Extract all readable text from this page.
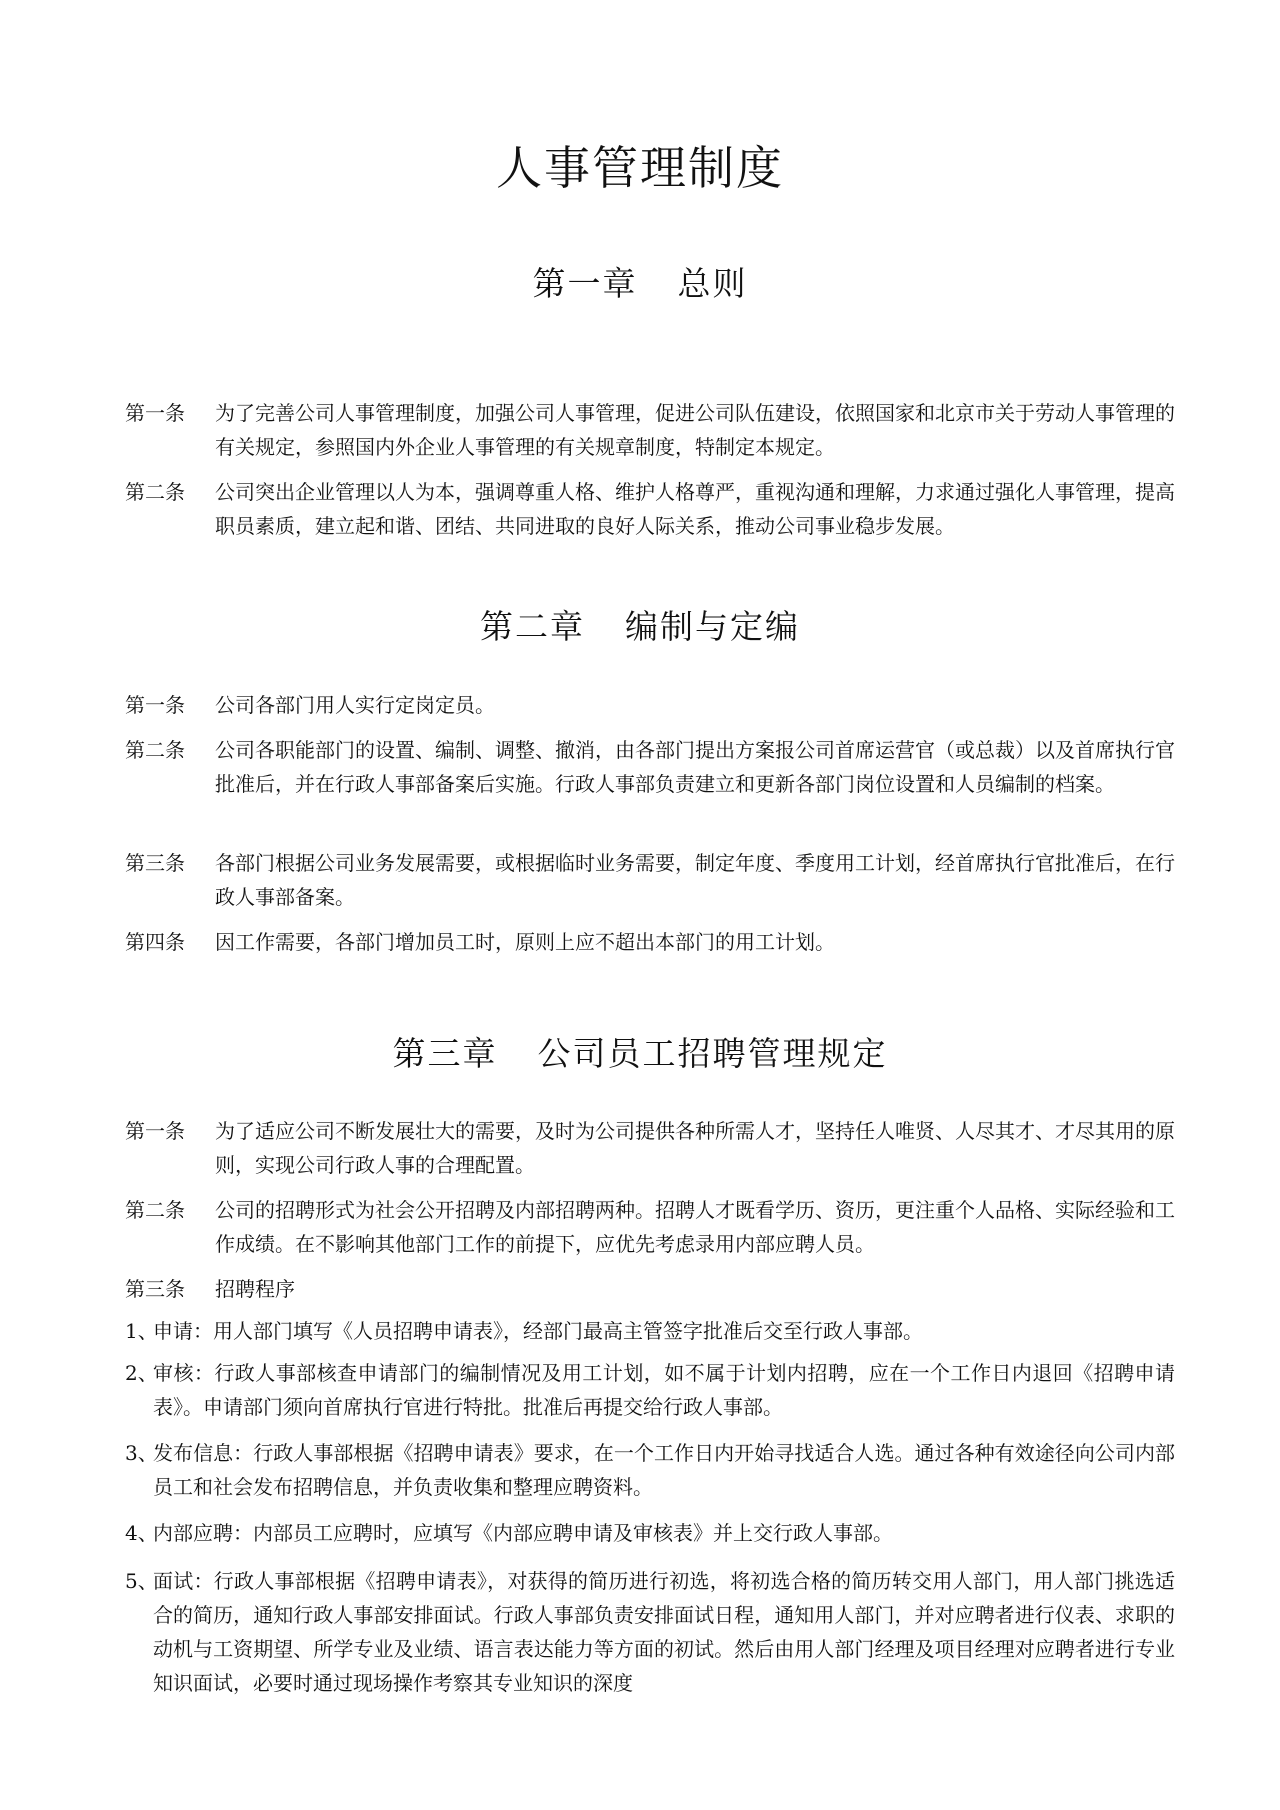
人事管理制度
第一章 总则
第一条	为了完善公司人事管理制度，加强公司人事管理，促进公司队伍建设，依照国家和北京市关于劳动人事管理的有关规定，参照国内外企业人事管理的有关规章制度，特制定本规定。
第二条	公司突出企业管理以人为本，强调尊重人格、维护人格尊严，重视沟通和理解，力求通过强化人事管理，提高职员素质，建立起和谐、团结、共同进取的良好人际关系，推动公司事业稳步发展。
第二章 编制与定编
第一条	公司各部门用人实行定岗定员。
第二条	公司各职能部门的设置、编制、调整、撤消，由各部门提出方案报公司首席运营官（或总裁）以及首席执行官批准后，并在行政人事部备案后实施。行政人事部负责建立和更新各部门岗位设置和人员编制的档案。
第三条	各部门根据公司业务发展需要，或根据临时业务需要，制定年度、季度用工计划，经首席执行官批准后，在行政人事部备案。
第四条	因工作需要，各部门增加员工时，原则上应不超出本部门的用工计划。
第三章 公司员工招聘管理规定
第一条	为了适应公司不断发展壮大的需要，及时为公司提供各种所需人才，坚持任人唯贤、人尽其才、才尽其用的原则，实现公司行政人事的合理配置。
第二条	公司的招聘形式为社会公开招聘及内部招聘两种。招聘人才既看学历、资历，更注重个人品格、实际经验和工作成绩。在不影响其他部门工作的前提下，应优先考虑录用内部应聘人员。
第三条	招聘程序
1、
申请：用人部门填写《人员招聘申请表》，经部门最高主管签字批准后交至行政人事部。
2、
审核：行政人事部核查申请部门的编制情况及用工计划，如不属于计划内招聘，应在一个工作日内退回《招聘申请表》。申请部门须向首席执行官进行特批。批准后再提交给行政人事部。
3、
发布信息：行政人事部根据《招聘申请表》要求，在一个工作日内开始寻找适合人选。通过各种有效途径向公司内部员工和社会发布招聘信息，并负责收集和整理应聘资料。
4、
内部应聘：内部员工应聘时，应填写《内部应聘申请及审核表》并上交行政人事部。
5、
面试：行政人事部根据《招聘申请表》，对获得的简历进行初选，将初选合格的简历转交用人部门，用人部门挑选适合的简历，通知行政人事部安排面试。行政人事部负责安排面试日程，通知用人部门，并对应聘者进行仪表、求职的动机与工资期望、所学专业及业绩、语言表达能力等方面的初试。然后由用人部门经理及项目经理对应聘者进行专业知识面试，必要时通过现场操作考察其专业知识的深度
